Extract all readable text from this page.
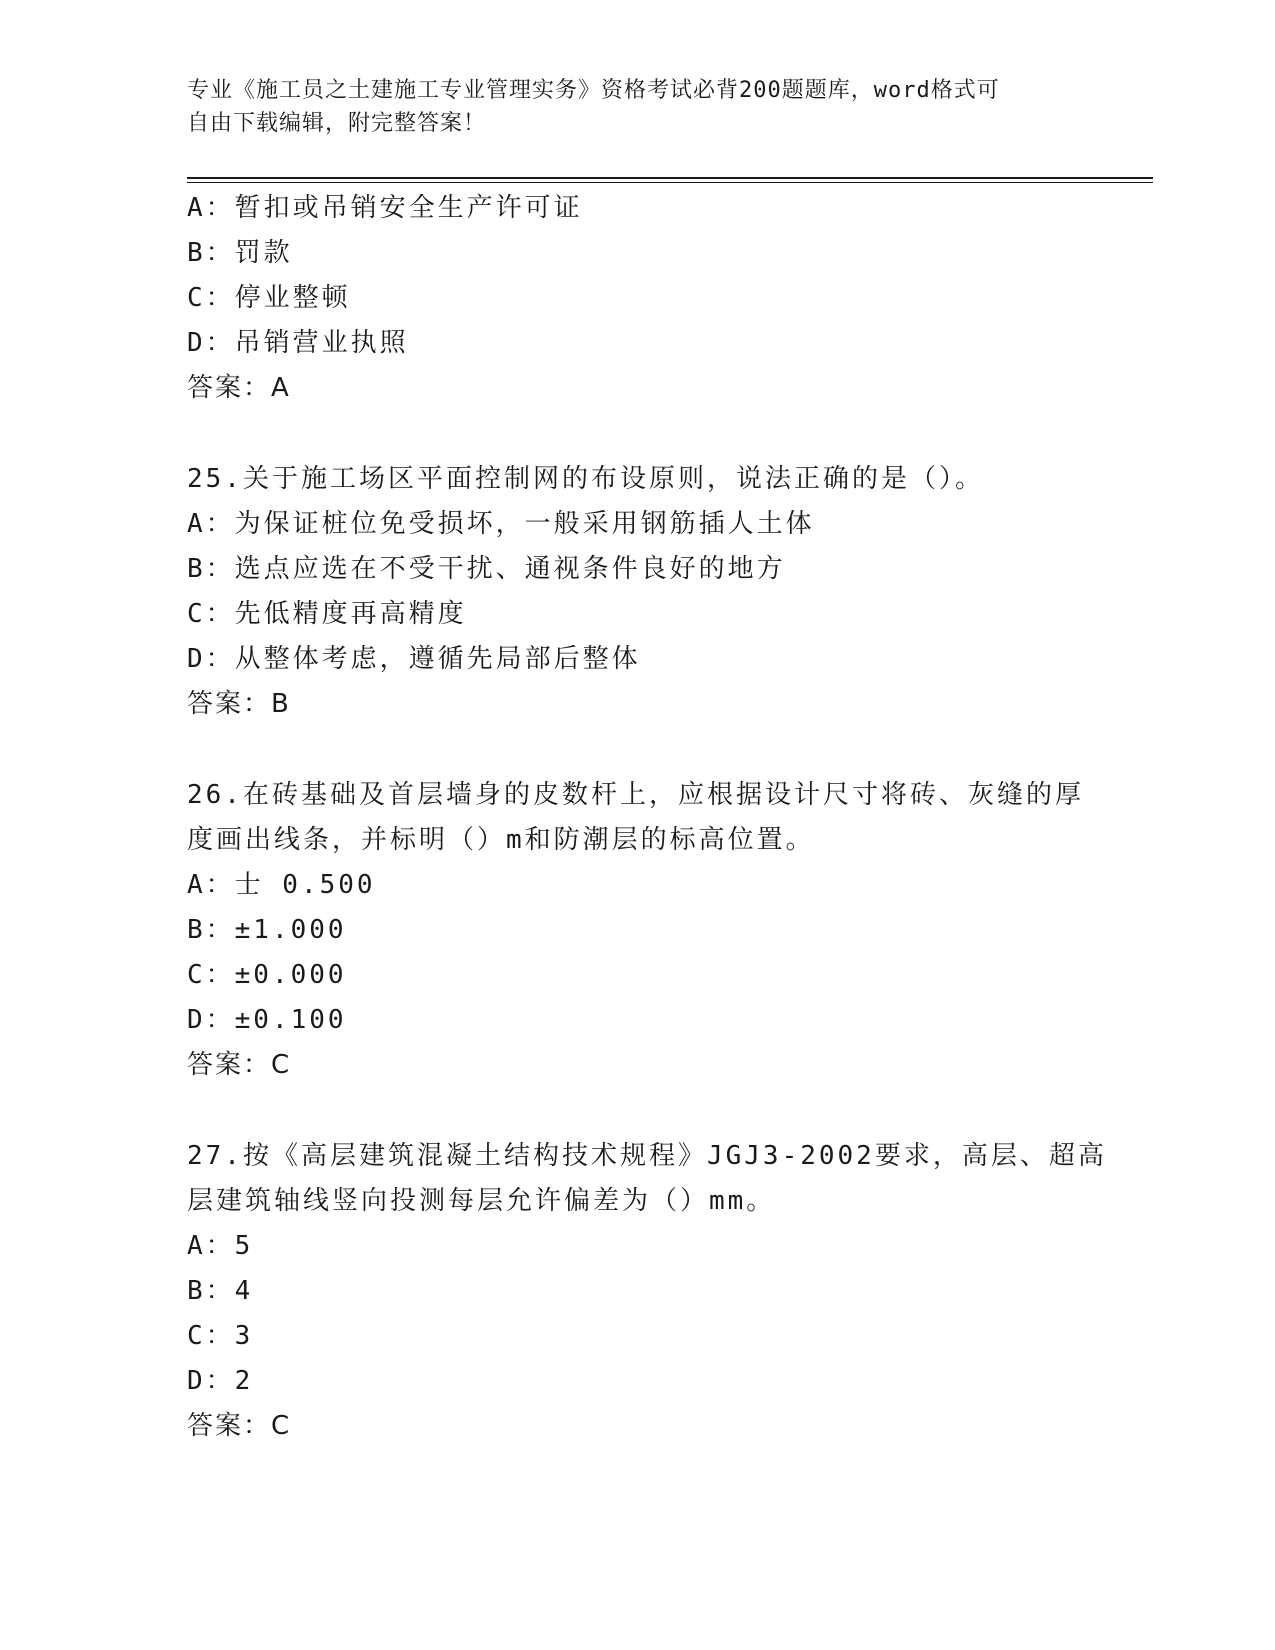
专业《施工员之土建施工专业管理实务》资格考试必背200题题库，word格式可
自由下载编辑，附完整答案！
A：暂扣或吊销安全生产许可证
B：罚款
C：停业整顿
D：吊销营业执照
答案：A
25.关于施工场区平面控制网的布设原则，说法正确的是（）。
A：为保证桩位免受损坏，一般采用钢筋插人土体
B：选点应选在不受干扰、通视条件良好的地方
C：先低精度再高精度
D：从整体考虑，遵循先局部后整体
答案：B
26.在砖基础及首层墙身的皮数杆上，应根据设计尺寸将砖、灰缝的厚
度画出线条，并标明（）m和防潮层的标高位置。
A：士 0.500
B：±1.000
C：±0.000
D：±0.100
答案：C
27.按《高层建筑混凝土结构技术规程》JGJ3-2002要求，高层、超高
层建筑轴线竖向投测每层允许偏差为（）mm。
A：5
B：4
C：3
D：2
答案：C
